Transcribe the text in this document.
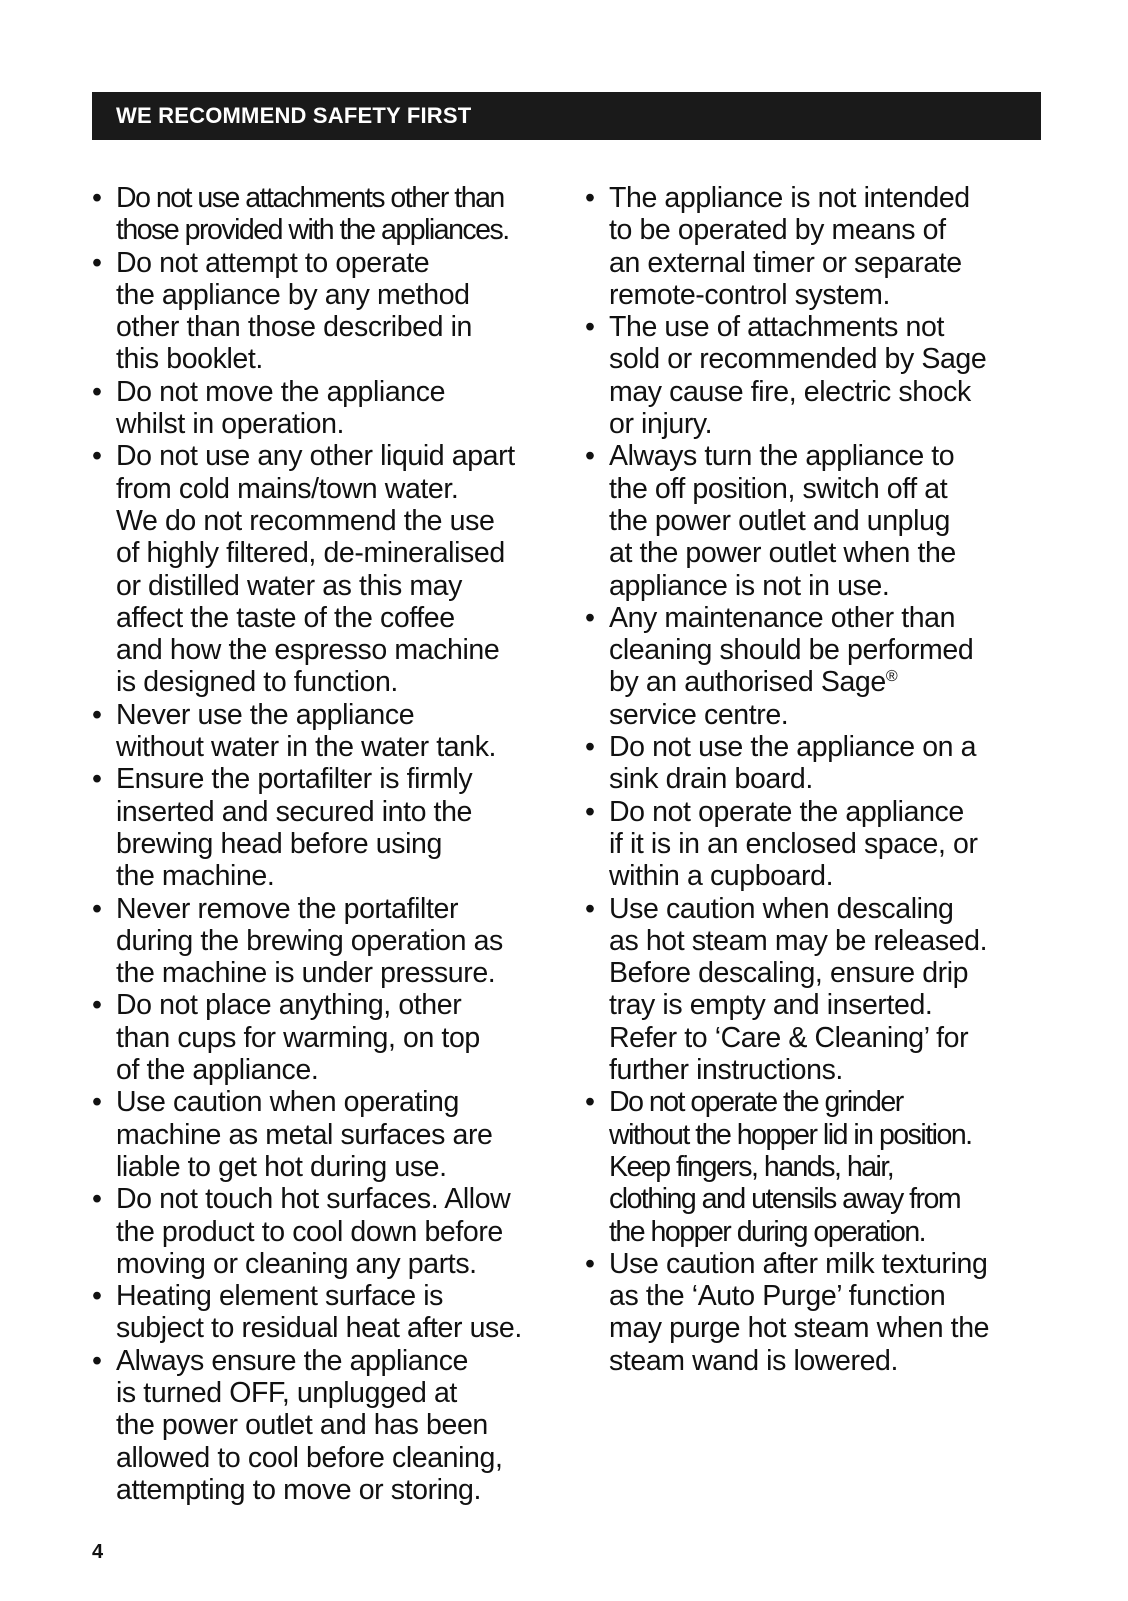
WE RECOMMEND SAFETY FIRST
• Do not use attachments other than
those provided with the appliances.
• Do not attempt to operate
the appliance by any method
other than those described in
this booklet.
• Do not move the appliance
whilst in operation.
• Do not use any other liquid apart
from cold mains/town water.
We do not recommend the use
of highly filtered, de-mineralised
or distilled water as this may
affect the taste of the coffee
and how the espresso machine
is designed to function.
• Never use the appliance
without water in the water tank.
• Ensure the portafilter is firmly
inserted and secured into the
brewing head before using
the machine.
• Never remove the portafilter
during the brewing operation as
the machine is under pressure.
• Do not place anything, other
than cups for warming, on top
of the appliance.
• Use caution when operating
machine as metal surfaces are
liable to get hot during use.
• Do not touch hot surfaces. Allow
the product to cool down before
moving or cleaning any parts.
• Heating element surface is
subject to residual heat after use.
• Always ensure the appliance
is turned OFF, unplugged at
the power outlet and has been
allowed to cool before cleaning,
attempting to move or storing.
• The appliance is not intended
to be operated by means of
an external timer or separate
remote-control system.
• The use of attachments not
sold or recommended by Sage
may cause fire, electric shock
or injury.
• Always turn the appliance to
the off position, switch off at
the power outlet and unplug
at the power outlet when the
appliance is not in use.
• Any maintenance other than
cleaning should be performed
by an authorised Sage®
service centre.
• Do not use the appliance on a
sink drain board.
• Do not operate the appliance
if it is in an enclosed space, or
within a cupboard.
• Use caution when descaling
as hot steam may be released.
Before descaling, ensure drip
tray is empty and inserted.
Refer to ‘Care & Cleaning’ for
further instructions.
• Do not operate the grinder
without the hopper lid in position.
Keep fingers, hands, hair,
clothing and utensils away from
the hopper during operation.
• Use caution after milk texturing
as the ‘Auto Purge’ function
may purge hot steam when the
steam wand is lowered.
4
